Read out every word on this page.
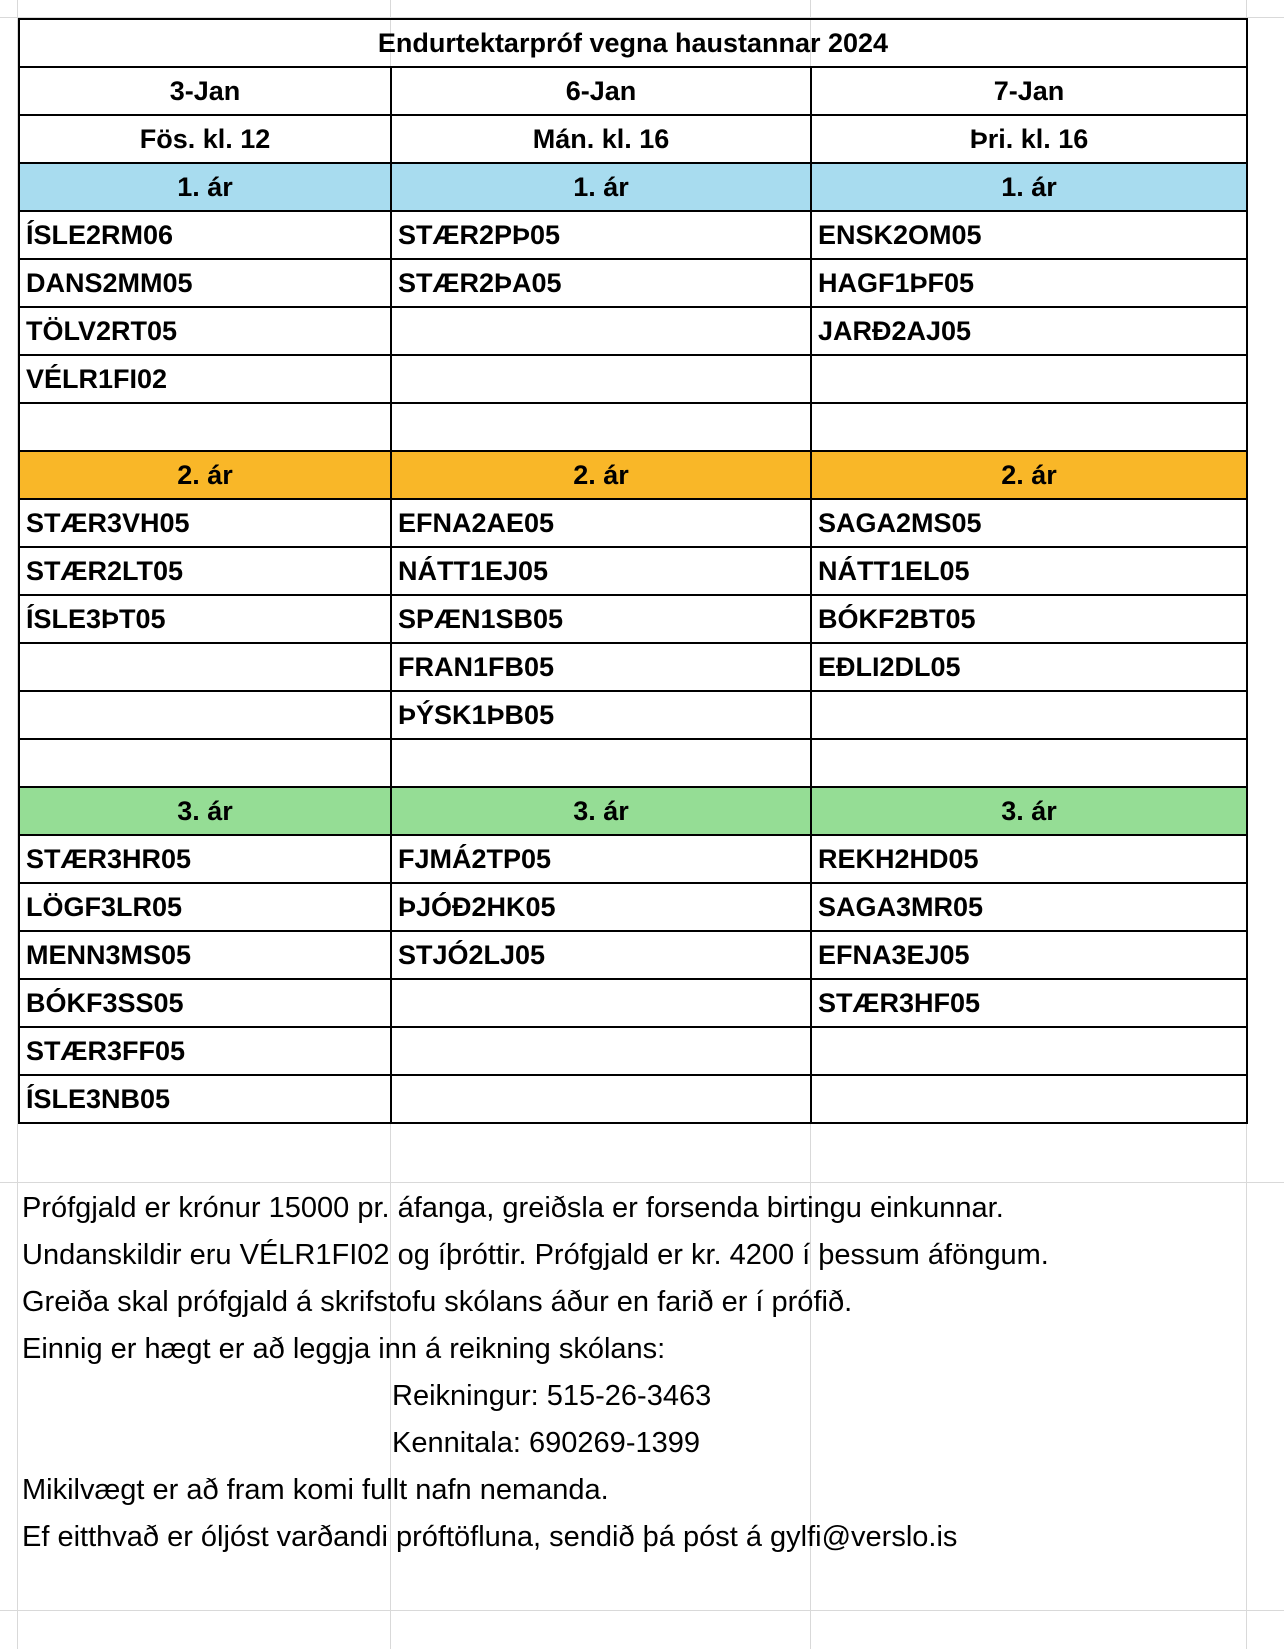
Endurtektarpróf vegna haustannar 2024		
3-Jan	6-Jan	7-Jan
Fös. kl. 12	Mán. kl. 16	Þri. kl. 16
1. ár	1. ár	1. ár
ÍSLE2RM06	STÆR2PÞ05	ENSK2OM05
DANS2MM05	STÆR2ÞA05	HAGF1ÞF05
TÖLV2RT05		JARÐ2AJ05
VÉLR1FI02		

2. ár	2. ár	2. ár
STÆR3VH05	EFNA2AE05	SAGA2MS05
STÆR2LT05	NÁTT1EJ05	NÁTT1EL05
ÍSLE3ÞT05	SPÆN1SB05	BÓKF2BT05
	FRAN1FB05	EÐLI2DL05
	ÞÝSK1ÞB05	

3. ár	3. ár	3. ár
STÆR3HR05	FJMÁ2TP05	REKH2HD05
LÖGF3LR05	ÞJÓÐ2HK05	SAGA3MR05
MENN3MS05	STJÓ2LJ05	EFNA3EJ05
BÓKF3SS05		STÆR3HF05
STÆR3FF05		
ÍSLE3NB05		
Prófgjald er krónur 15000 pr. áfanga, greiðsla er forsenda birtingu einkunnar.
Undanskildir eru VÉLR1FI02 og íþróttir. Prófgjald er kr. 4200 í þessum áföngum.
Greiða skal prófgjald á skrifstofu skólans áður en farið er í prófið.
Einnig er hægt er að leggja inn á reikning skólans:
Reikningur: 515-26-3463
Kennitala: 690269-1399
Mikilvægt er að fram komi fullt nafn nemanda.
Ef eitthvað er óljóst varðandi próftöfluna, sendið þá póst á gylfi@verslo.is
